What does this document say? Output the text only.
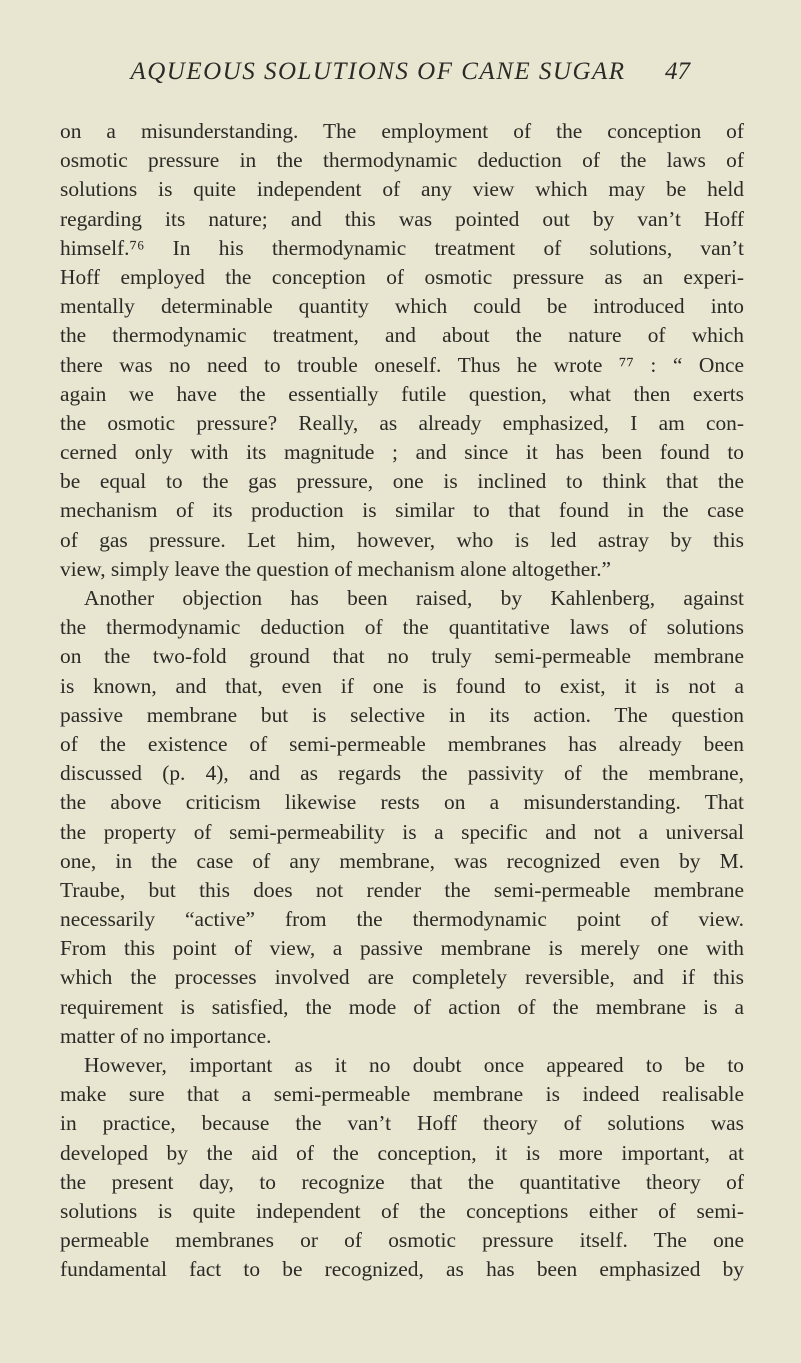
AQUEOUS SOLUTIONS OF CANE SUGAR	47
on a misunderstanding. The employment of the conception of
osmotic pressure in the thermodynamic deduction of the laws of
solutions is quite independent of any view which may be held
regarding its nature; and this was pointed out by van’t Hoff
himself.⁷⁶ In his thermodynamic treatment of solutions, van’t
Hoff employed the conception of osmotic pressure as an experi-
mentally determinable quantity which could be introduced into
the thermodynamic treatment, and about the nature of which
there was no need to trouble oneself. Thus he wrote ⁷⁷ : “ Once
again we have the essentially futile question, what then exerts
the osmotic pressure? Really, as already emphasized, I am con-
cerned only with its magnitude ; and since it has been found to
be equal to the gas pressure, one is inclined to think that the
mechanism of its production is similar to that found in the case
of gas pressure. Let him, however, who is led astray by this
view, simply leave the question of mechanism alone altogether.”
Another objection has been raised, by Kahlenberg, against
the thermodynamic deduction of the quantitative laws of solutions
on the two-fold ground that no truly semi-permeable membrane
is known, and that, even if one is found to exist, it is not a
passive membrane but is selective in its action. The question
of the existence of semi-permeable membranes has already been
discussed (p. 4), and as regards the passivity of the membrane,
the above criticism likewise rests on a misunderstanding. That
the property of semi-permeability is a specific and not a universal
one, in the case of any membrane, was recognized even by M.
Traube, but this does not render the semi-permeable membrane
necessarily “active” from the thermodynamic point of view.
From this point of view, a passive membrane is merely one with
which the processes involved are completely reversible, and if this
requirement is satisfied, the mode of action of the membrane is a
matter of no importance.
However, important as it no doubt once appeared to be to
make sure that a semi-permeable membrane is indeed realisable
in practice, because the van’t Hoff theory of solutions was
developed by the aid of the conception, it is more important, at
the present day, to recognize that the quantitative theory of
solutions is quite independent of the conceptions either of semi-
permeable membranes or of osmotic pressure itself. The one
fundamental fact to be recognized, as has been emphasized by
